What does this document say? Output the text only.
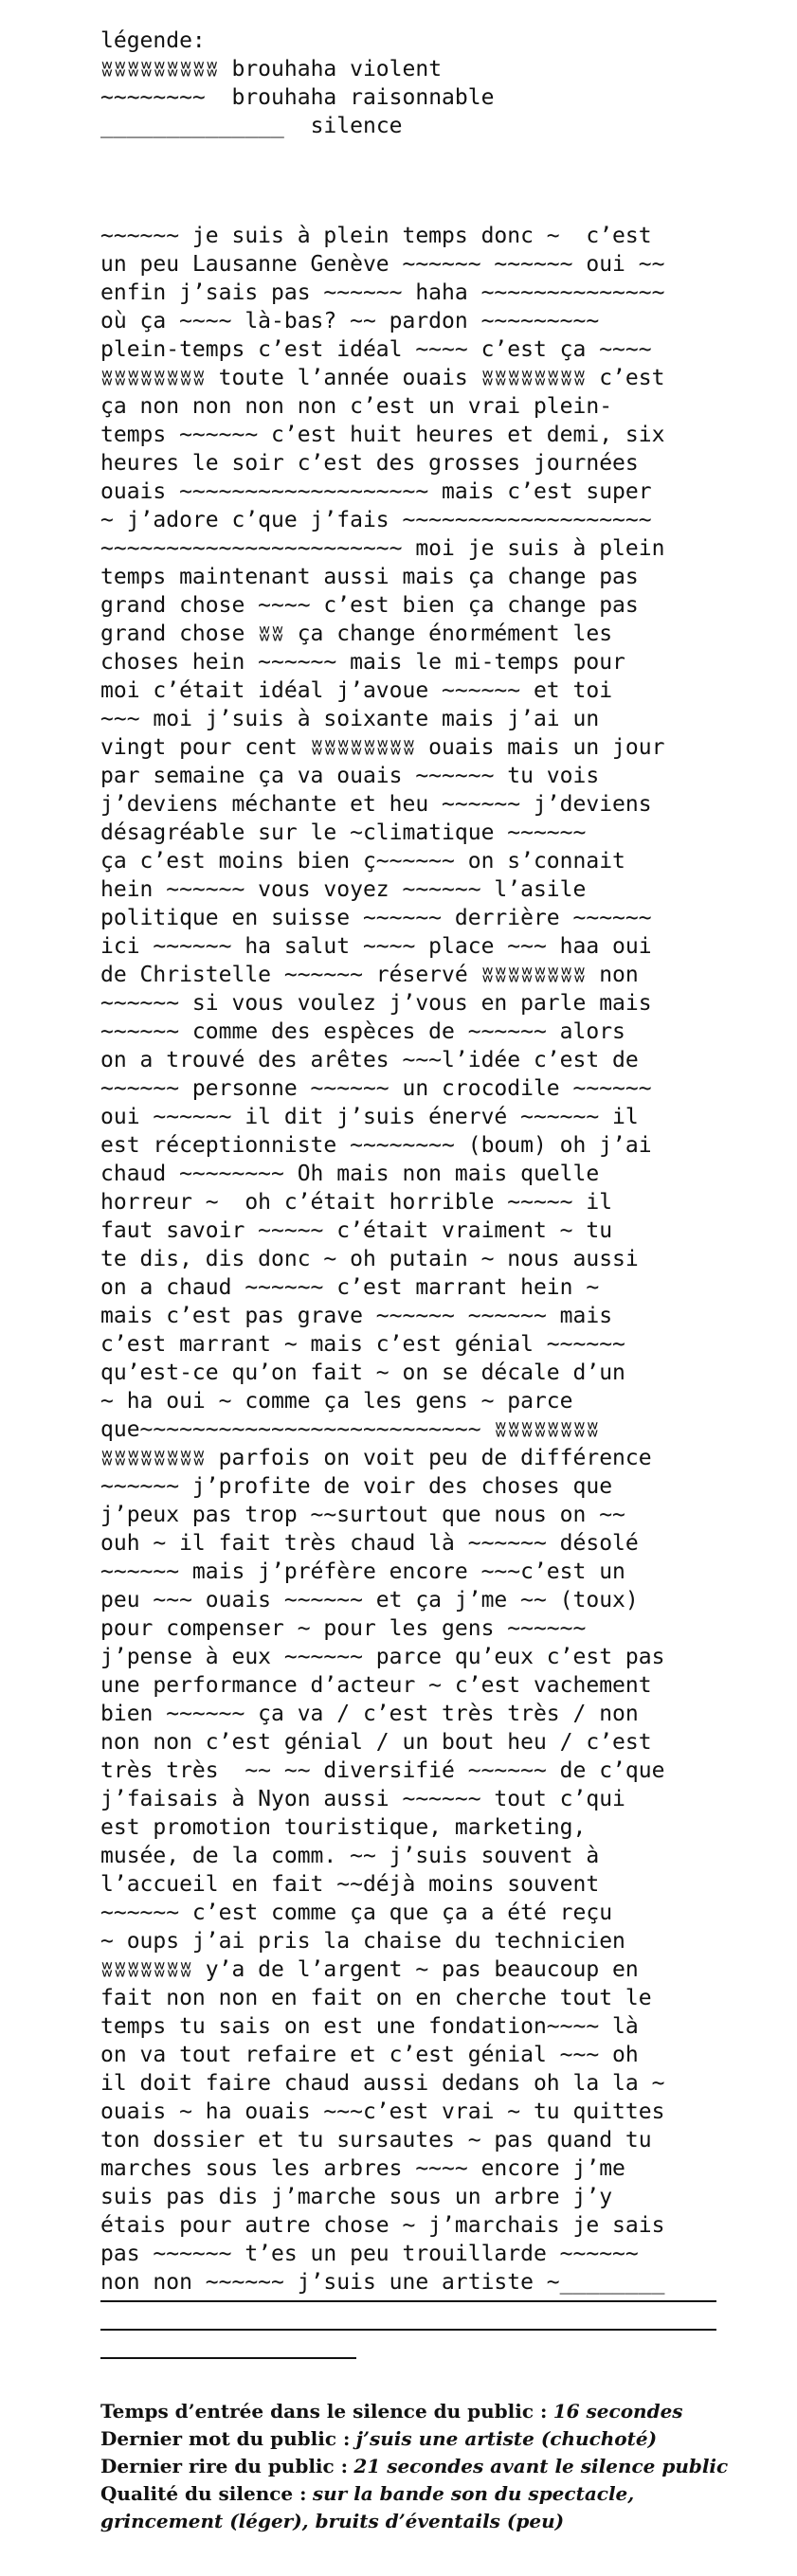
légende:
ʬʬʬʬʬʬʬʬʬ brouhaha violent
~~~~~~~~ brouhaha raisonnable
______________ silence
~~~~~~ je suis à plein temps donc ~  c’est
un peu Lausanne Genève ~~~~~~ ~~~~~~ oui ~~
enfin j’sais pas ~~~~~~ haha ~~~~~~~~~~~~~~
où ça ~~~~ là-bas? ~~ pardon ~~~~~~~~~
plein-temps c’est idéal ~~~~ c’est ça ~~~~
ʬʬʬʬʬʬʬʬ toute l’année ouais ʬʬʬʬʬʬʬʬ c’est
ça non non non non c’est un vrai plein-
temps ~~~~~~ c’est huit heures et demi, six
heures le soir c’est des grosses journées
ouais ~~~~~~~~~~~~~~~~~~~ mais c’est super
~ j’adore c’que j’fais ~~~~~~~~~~~~~~~~~~~
~~~~~~~~~~~~~~~~~~~~~~~ moi je suis à plein
temps maintenant aussi mais ça change pas
grand chose ~~~~ c’est bien ça change pas
grand chose ʬʬ ça change énormément les
choses hein ~~~~~~ mais le mi-temps pour
moi c’était idéal j’avoue ~~~~~~ et toi
~~~ moi j’suis à soixante mais j’ai un
vingt pour cent ʬʬʬʬʬʬʬʬ ouais mais un jour
par semaine ça va ouais ~~~~~~ tu vois
j’deviens méchante et heu ~~~~~~ j’deviens
désagréable sur le ~climatique ~~~~~~
ça c’est moins bien ç~~~~~~ on s’connait
hein ~~~~~~ vous voyez ~~~~~~ l’asile
politique en suisse ~~~~~~ derrière ~~~~~~
ici ~~~~~~ ha salut ~~~~ place ~~~ haa oui
de Christelle ~~~~~~ réservé ʬʬʬʬʬʬʬʬ non
~~~~~~ si vous voulez j’vous en parle mais
~~~~~~ comme des espèces de ~~~~~~ alors
on a trouvé des arêtes ~~~l’idée c’est de
~~~~~~ personne ~~~~~~ un crocodile ~~~~~~
oui ~~~~~~ il dit j’suis énervé ~~~~~~ il
est réceptionniste ~~~~~~~~ (boum) oh j’ai
chaud ~~~~~~~~ Oh mais non mais quelle
horreur ~  oh c’était horrible ~~~~~ il
faut savoir ~~~~~ c’était vraiment ~ tu
te dis, dis donc ~ oh putain ~ nous aussi
on a chaud ~~~~~~ c’est marrant hein ~
mais c’est pas grave ~~~~~~ ~~~~~~ mais
c’est marrant ~ mais c’est génial ~~~~~~
qu’est-ce qu’on fait ~ on se décale d’un
~ ha oui ~ comme ça les gens ~ parce
que~~~~~~~~~~~~~~~~~~~~~~~~~~ ʬʬʬʬʬʬʬʬ
ʬʬʬʬʬʬʬʬ parfois on voit peu de différence
~~~~~~ j’profite de voir des choses que
j’peux pas trop ~~surtout que nous on ~~
ouh ~ il fait très chaud là ~~~~~~ désolé
~~~~~~ mais j’préfère encore ~~~c’est un
peu ~~~ ouais ~~~~~~ et ça j’me ~~ (toux)
pour compenser ~ pour les gens ~~~~~~
j’pense à eux ~~~~~~ parce qu’eux c’est pas
une performance d’acteur ~ c’est vachement
bien ~~~~~~ ça va / c’est très très / non
non non c’est génial / un bout heu / c’est
très très  ~~ ~~ diversifié ~~~~~~ de c’que
j’faisais à Nyon aussi ~~~~~~ tout c’qui
est promotion touristique, marketing,
musée, de la comm. ~~ j’suis souvent à
l’accueil en fait ~~déjà moins souvent
~~~~~~ c’est comme ça que ça a été reçu
~ oups j’ai pris la chaise du technicien
ʬʬʬʬʬʬʬ y’a de l’argent ~ pas beaucoup en
fait non non en fait on en cherche tout le
temps tu sais on est une fondation~~~~ là
on va tout refaire et c’est génial ~~~ oh
il doit faire chaud aussi dedans oh la la ~
ouais ~ ha ouais ~~~c’est vrai ~ tu quittes
ton dossier et tu sursautes ~ pas quand tu
marches sous les arbres ~~~~ encore j’me
suis pas dis j’marche sous un arbre j’y
étais pour autre chose ~ j’marchais je sais
pas ~~~~~~ t’es un peu trouillarde ~~~~~~
non non ~~~~~~ j’suis une artiste ~________
Temps d’entrée dans le silence du public : 16 secondes
Dernier mot du public : j’suis une artiste (chuchoté)
Dernier rire du public : 21 secondes avant le silence public
Qualité du silence : sur la bande son du spectacle,
grincement (léger), bruits d’éventails (peu)
